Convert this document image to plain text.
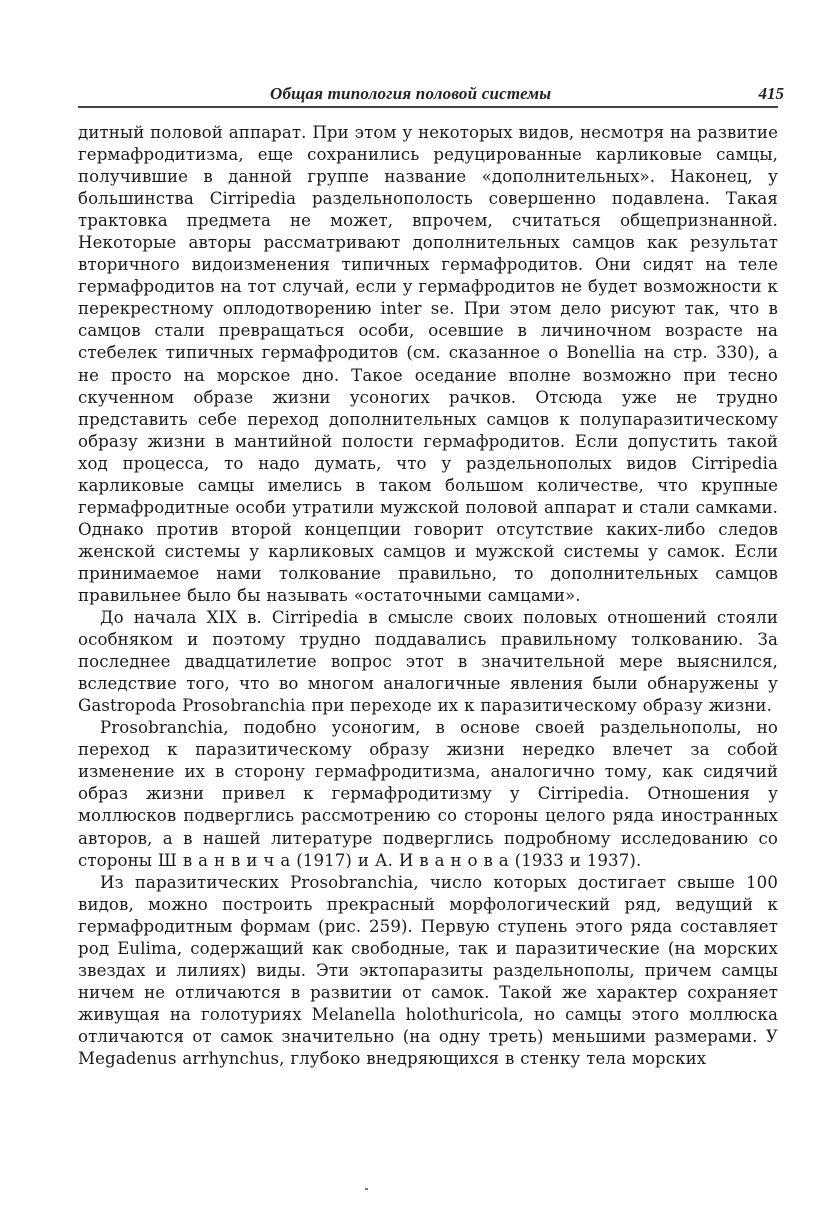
Общая типология половой системы	415

дитный половой аппарат. При этом у некоторых видов, несмотря на развитие гермафродитизма, еще сохранились редуцированные карликовые самцы, получившие в данной группе название «дополнительных». Наконец, у большинства Cirripedia раздельнополость совершенно подавлена. Такая трактовка предмета не может, впрочем, считаться общепризнанной. Некоторые авторы рассматривают дополнительных самцов как результат вторичного видоизменения типичных гермафродитов. Они сидят на теле гермафродитов на тот случай, если у гермафродитов не будет возможности к перекрестному оплодотворению inter se. При этом дело рисуют так, что в самцов стали превращаться особи, осевшие в личиночном возрасте на стебелек типичных гермафродитов (см. сказанное о Bonellia на стр. 330), а не просто на морское дно. Такое оседание вполне возможно при тесно скученном образе жизни усоногих рачков. Отсюда уже не трудно представить себе переход дополнительных самцов к полупаразитическому образу жизни в мантийной полости гермафродитов. Если допустить такой ход процесса, то надо думать, что у раздельнополых видов Cirripedia карликовые самцы имелись в таком большом количестве, что крупные гермафродитные особи утратили мужской половой аппарат и стали самками. Однако против второй концепции говорит отсутствие каких-либо следов женской системы у карликовых самцов и мужской системы у самок. Если принимаемое нами толкование правильно, то дополнительных самцов правильнее было бы называть «остаточными самцами».

До начала XIX в. Cirripedia в смысле своих половых отношений стояли особняком и поэтому трудно поддавались правильному толкованию. За последнее двадцатилетие вопрос этот в значительной мере выяснился, вследствие того, что во многом аналогичные явления были обнаружены у Gastropoda Prosobranchia при переходе их к паразитическому образу жизни.

Prosobranchia, подобно усоногим, в основе своей раздельнополы, но переход к паразитическому образу жизни нередко влечет за собой изменение их в сторону гермафродитизма, аналогично тому, как сидячий образ жизни привел к гермафродитизму у Cirripedia. Отношения у моллюсков подверглись рассмотрению со стороны целого ряда иностранных авторов, а в нашей литературе подверглись подробному исследованию со стороны Ш в а н в и ч а (1917) и А. И в а н о в а (1933 и 1937).

Из паразитических Prosobranchia, число которых достигает свыше 100 видов, можно построить прекрасный морфологический ряд, ведущий к гермафродитным формам (рис. 259). Первую ступень этого ряда составляет род Eulima, содержащий как свободные, так и паразитические (на морских звездах и лилиях) виды. Эти эктопаразиты раздельнополы, причем самцы ничем не отличаются в развитии от самок. Такой же характер сохраняет живущая на голотуриях Melanella holothuricola, но самцы этого моллюска отличаются от самок значительно (на одну треть) меньшими размерами. У Megadenus arrhynchus, глубоко внедряющихся в стенку тела морских
